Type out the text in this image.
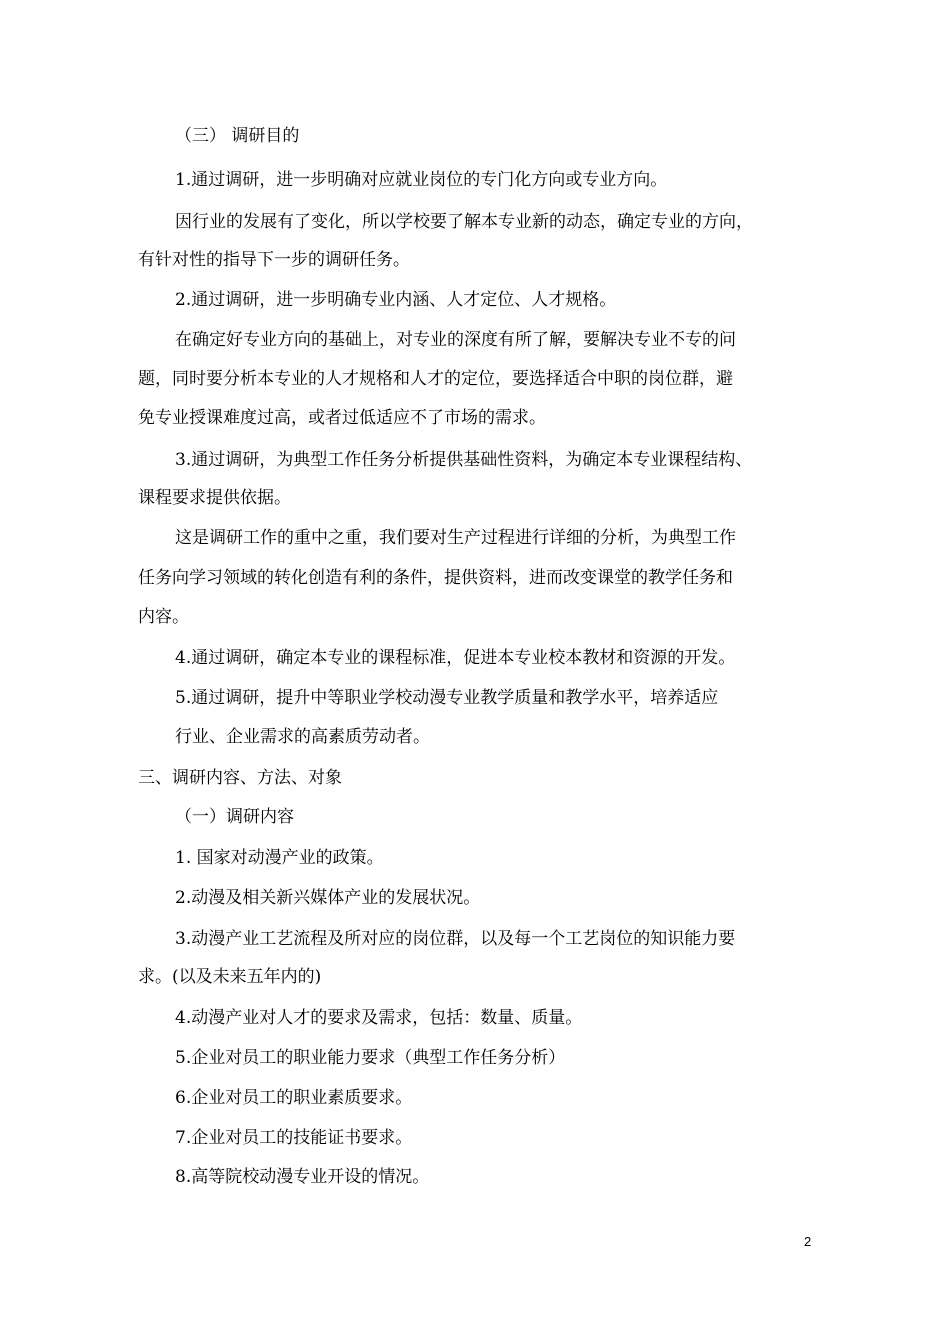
（三） 调研目的
1.通过调研，进一步明确对应就业岗位的专门化方向或专业方向。
因行业的发展有了变化，所以学校要了解本专业新的动态，确定专业的方向，
有针对性的指导下一步的调研任务。
2.通过调研，进一步明确专业内涵、人才定位、人才规格。
在确定好专业方向的基础上，对专业的深度有所了解，要解决专业不专的问
题，同时要分析本专业的人才规格和人才的定位，要选择适合中职的岗位群，避
免专业授课难度过高，或者过低适应不了市场的需求。
3.通过调研，为典型工作任务分析提供基础性资料，为确定本专业课程结构、
课程要求提供依据。
这是调研工作的重中之重，我们要对生产过程进行详细的分析，为典型工作
任务向学习领域的转化创造有利的条件，提供资料，进而改变课堂的教学任务和
内容。
4.通过调研，确定本专业的课程标准，促进本专业校本教材和资源的开发。
5.通过调研，提升中等职业学校动漫专业教学质量和教学水平，培养适应
行业、企业需求的高素质劳动者。
三、调研内容、方法、对象
（一）调研内容
1. 国家对动漫产业的政策。
2.动漫及相关新兴媒体产业的发展状况。
3.动漫产业工艺流程及所对应的岗位群，以及每一个工艺岗位的知识能力要
求。(以及未来五年内的)
4.动漫产业对人才的要求及需求，包括：数量、质量。
5.企业对员工的职业能力要求（典型工作任务分析）
6.企业对员工的职业素质要求。
7.企业对员工的技能证书要求。
8.高等院校动漫专业开设的情况。
2
